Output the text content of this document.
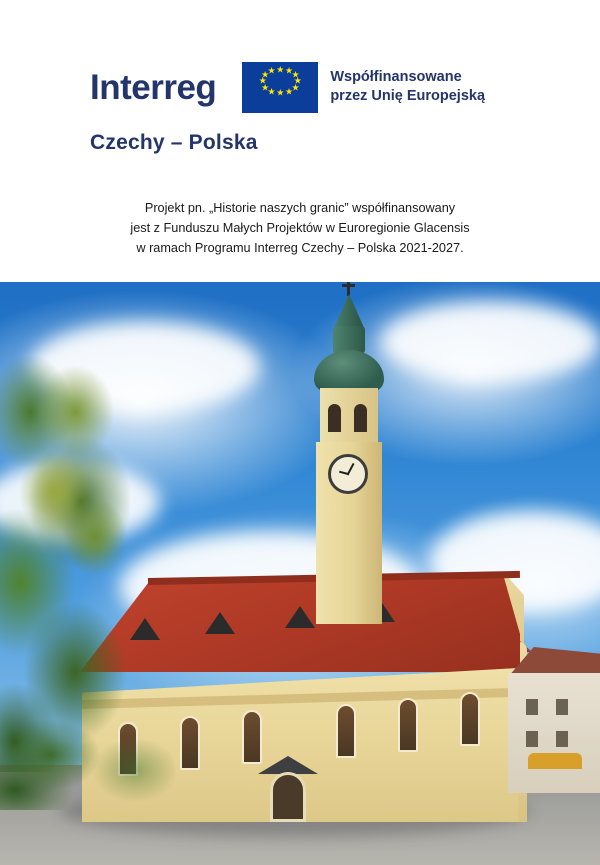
Interreg	★ ★
★
★
★
★
★
★
★
★
★
★	Współfinansowane
przez Unię Europejską
Czechy – Polska
Projekt pn. „Historie naszych granic” współfinansowany
jest z Funduszu Małych Projektów w Euroregionie Glacensis
w ramach Programu Interreg Czechy – Polska 2021-2027.
